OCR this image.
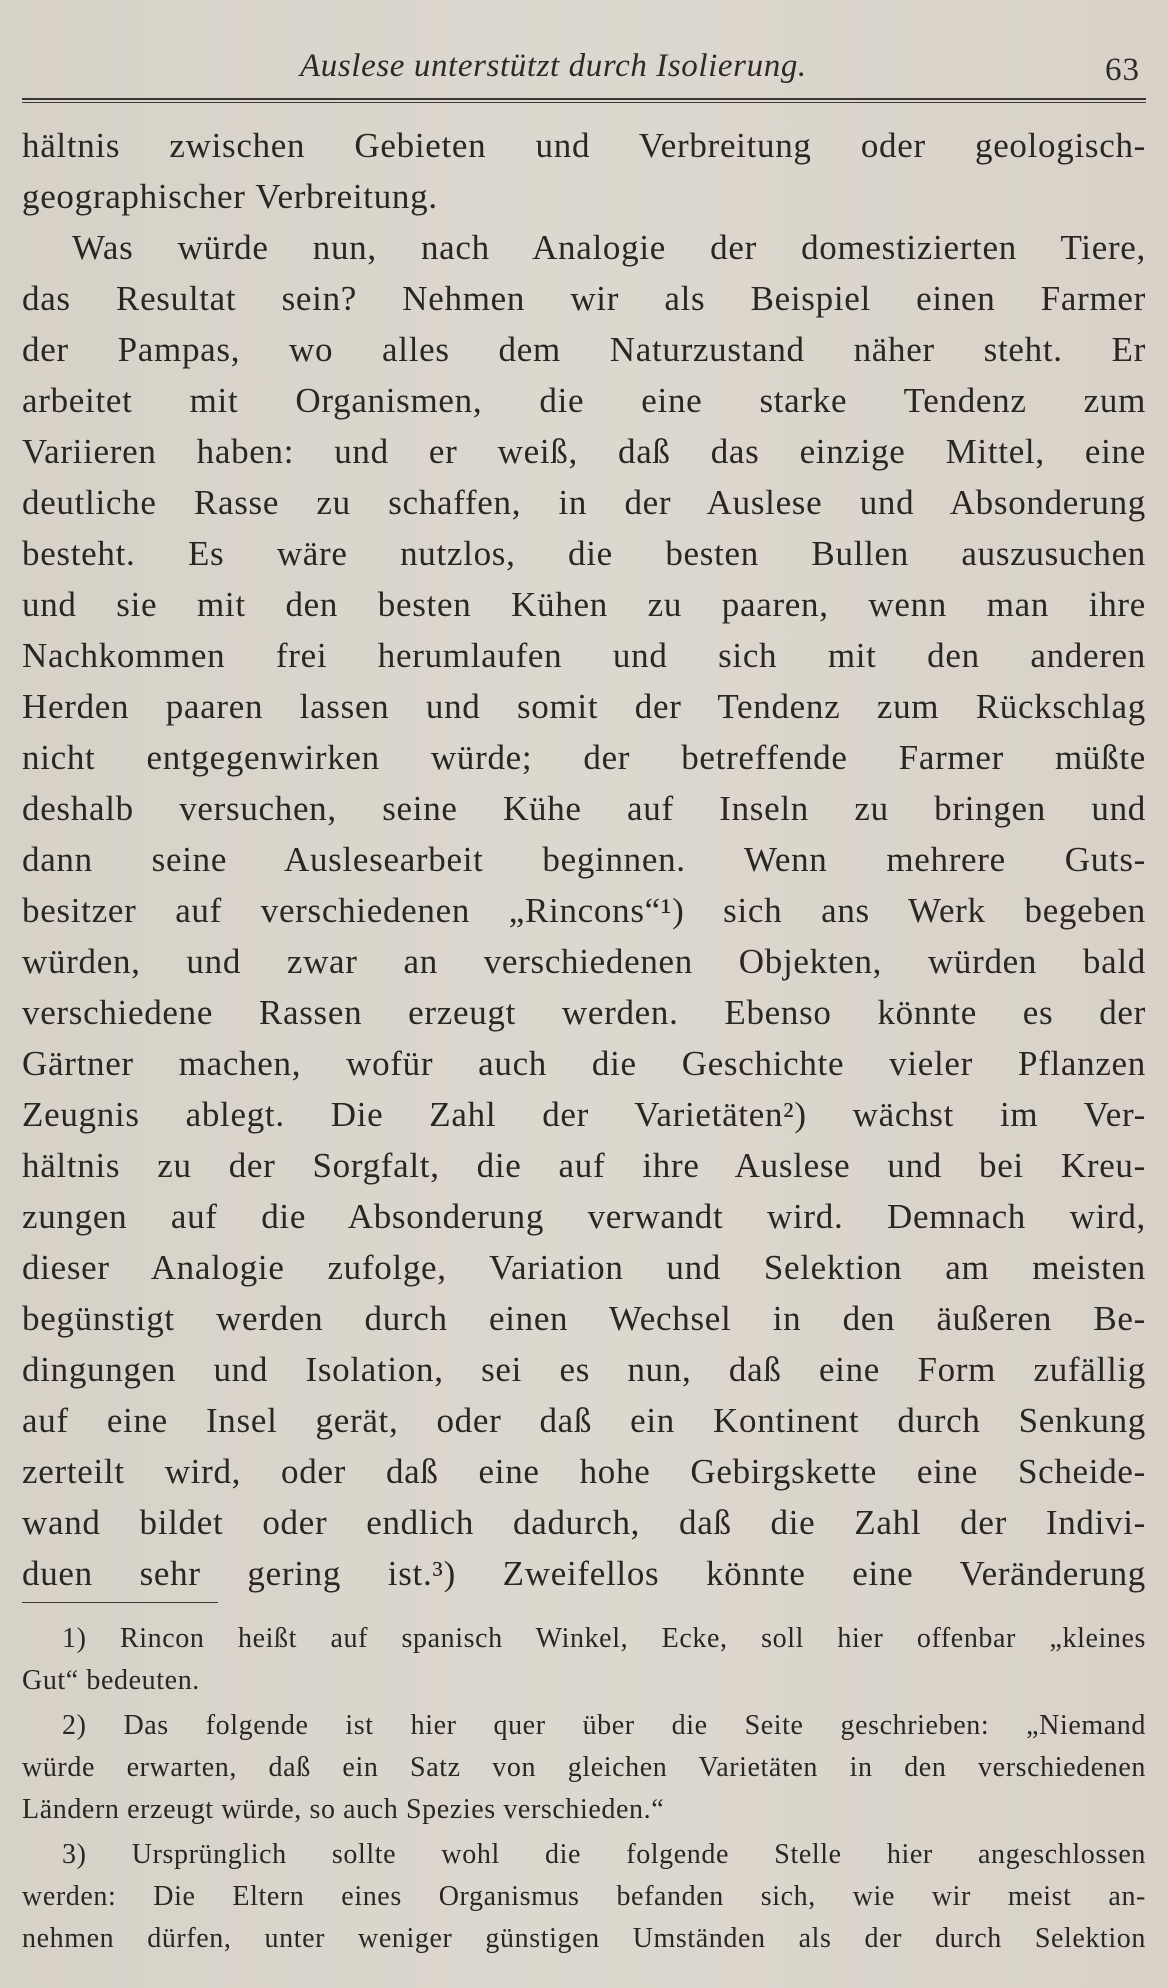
Auslese unterstützt durch Isolierung.	63
hältnis zwischen Gebieten und Verbreitung oder geologisch-
geographischer Verbreitung.
Was würde nun, nach Analogie der domestizierten Tiere,
das Resultat sein? Nehmen wir als Beispiel einen Farmer
der Pampas, wo alles dem Naturzustand näher steht. Er
arbeitet mit Organismen, die eine starke Tendenz zum
Variieren haben: und er weiß, daß das einzige Mittel, eine
deutliche Rasse zu schaffen, in der Auslese und Absonderung
besteht. Es wäre nutzlos, die besten Bullen auszusuchen
und sie mit den besten Kühen zu paaren, wenn man ihre
Nachkommen frei herumlaufen und sich mit den anderen
Herden paaren lassen und somit der Tendenz zum Rückschlag
nicht entgegenwirken würde; der betreffende Farmer müßte
deshalb versuchen, seine Kühe auf Inseln zu bringen und
dann seine Auslesearbeit beginnen. Wenn mehrere Guts-
besitzer auf verschiedenen „Rincons“¹) sich ans Werk begeben
würden, und zwar an verschiedenen Objekten, würden bald
verschiedene Rassen erzeugt werden. Ebenso könnte es der
Gärtner machen, wofür auch die Geschichte vieler Pflanzen
Zeugnis ablegt. Die Zahl der Varietäten²) wächst im Ver-
hältnis zu der Sorgfalt, die auf ihre Auslese und bei Kreu-
zungen auf die Absonderung verwandt wird. Demnach wird,
dieser Analogie zufolge, Variation und Selektion am meisten
begünstigt werden durch einen Wechsel in den äußeren Be-
dingungen und Isolation, sei es nun, daß eine Form zufällig
auf eine Insel gerät, oder daß ein Kontinent durch Senkung
zerteilt wird, oder daß eine hohe Gebirgskette eine Scheide-
wand bildet oder endlich dadurch, daß die Zahl der Indivi-
duen sehr gering ist.³) Zweifellos könnte eine Veränderung
1) Rincon heißt auf spanisch Winkel, Ecke, soll hier offenbar „kleines
Gut“ bedeuten.
2) Das folgende ist hier quer über die Seite geschrieben: „Niemand
würde erwarten, daß ein Satz von gleichen Varietäten in den verschiedenen
Ländern erzeugt würde, so auch Spezies verschieden.“
3) Ursprünglich sollte wohl die folgende Stelle hier angeschlossen
werden: Die Eltern eines Organismus befanden sich, wie wir meist an-
nehmen dürfen, unter weniger günstigen Umständen als der durch Selektion
